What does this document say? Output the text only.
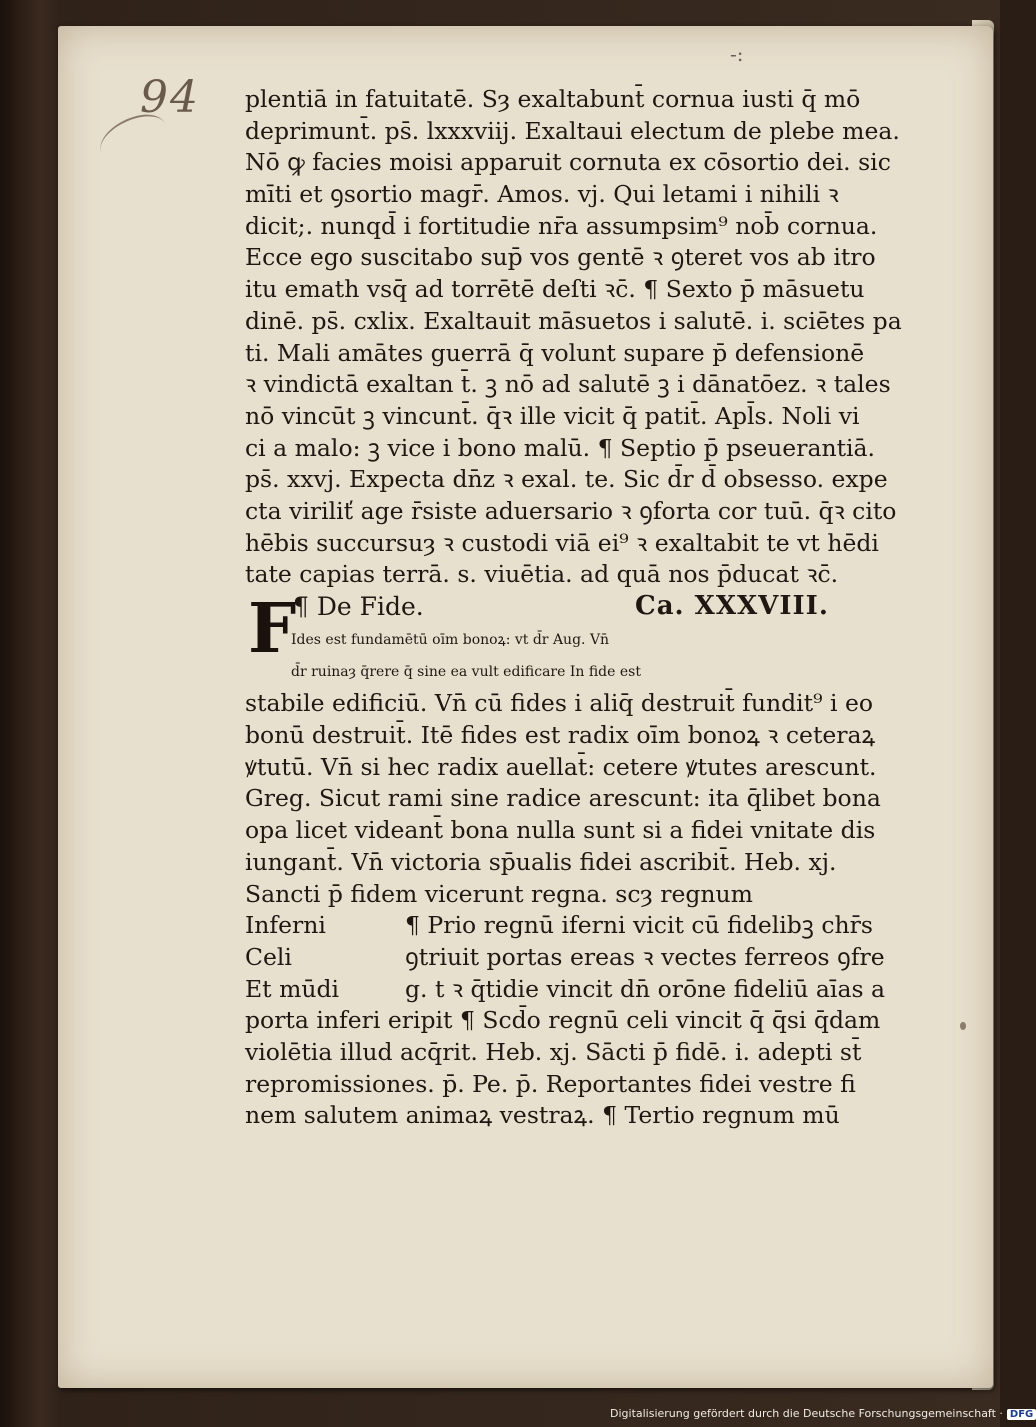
94
-:
plentiā in fatuitatē. Sȝ exaltabunt̄ cornua iusti q̄ mō
deprimunt̄. ps̄. lxxxviij. Exaltaui electum de plebe mea.
Nō ꝙ facies moisi apparuit cornuta ex cōsortio dei. sic
mīti et ꝯsortio magr̄. Amos. vj. Qui letami i nihili ꝛ
dicit;. nunqd̄ i fortitudie nr̄a assumpsim⁹ nob̄ cornua.
Ecce ego suscitabo sup̄ vos gentē ꝛ ꝯteret vos ab itro
itu emath vsq̄ ad torrētē deſti ꝛc̄. ¶ Sexto p̄ māsuetu
dinē. ps̄. cxlix. Exaltauit māsuetos i salutē. i. sciētes pa
ti. Mali amātes guerrā q̄ volunt supare p̄ defensionē
ꝛ vindictā exaltan t̄. ꝫ nō ad salutē ꝫ i dānatōez. ꝛ tales
nō vincūt ꝫ vincunt̄. q̄ꝛ ille vicit q̄ patit̄. Apl̄s. Noli vi
ci a malo: ꝫ vice i bono malū. ¶ Septio p̄ pseuerantiā.
ps̄. xxvj. Expecta dn̄z ꝛ exal. te. Sic d̄r d̄ obsesso. expe
cta viriliť age r̄siste aduersario ꝛ ꝯforta cor tuū. q̄ꝛ cito
hēbis succursuȝ ꝛ custodi viā ei⁹ ꝛ exaltabit te vt hēdi
tate capias terrā. s. viuētia. ad quā nos p̄ducat ꝛc̄.
¶ De Fide.	Ca. XXXVIII.
Ides est fundamētū oīm bonoꝝ: vt d̄r Aug. Vn̄
d̄r ruinaȝ q̄rere q̄ sine ea vult edificare In fide est
stabile edificiū. Vn̄ cū fides i aliq̄ destruit̄ fundit⁹ i eo
bonū destruit̄. Itē fides est radix oīm bonoꝝ ꝛ ceteraꝝ
ꝟtutū. Vn̄ si hec radix auellat̄: cetere ꝟtutes arescunt.
Greg. Sicut rami sine radice arescunt: ita q̄libet bona
opa licet videant̄ bona nulla sunt si a fidei vnitate dis
iungant̄. Vn̄ victoria sp̄ualis fidei ascribit̄. Heb. xj.
Sancti p̄ fidem vicerunt regna. scȝ regnum
Inferni	¶ Prio regnū iferni vicit cū fidelibꝫ chr̄s
Celi	ꝯtriuit portas ereas ꝛ vectes ferreos ꝯfre
Et mūdi	g. t ꝛ q̄tidie vincit dn̄ orōne fideliū aīas a
porta inferi eripit ¶ Scd̄o regnū celi vincit q̄ q̄si q̄dam
violētia illud acq̄rit. Heb. xj. Sācti p̄ fidē. i. adepti st̄
repromissiones. p̄. Pe. p̄. Reportantes fidei vestre fi
nem salutem animaꝝ vestraꝝ. ¶ Tertio regnum mū
F
Digitalisierung gefördert durch die Deutsche Forschungsgemeinschaft · DFG
